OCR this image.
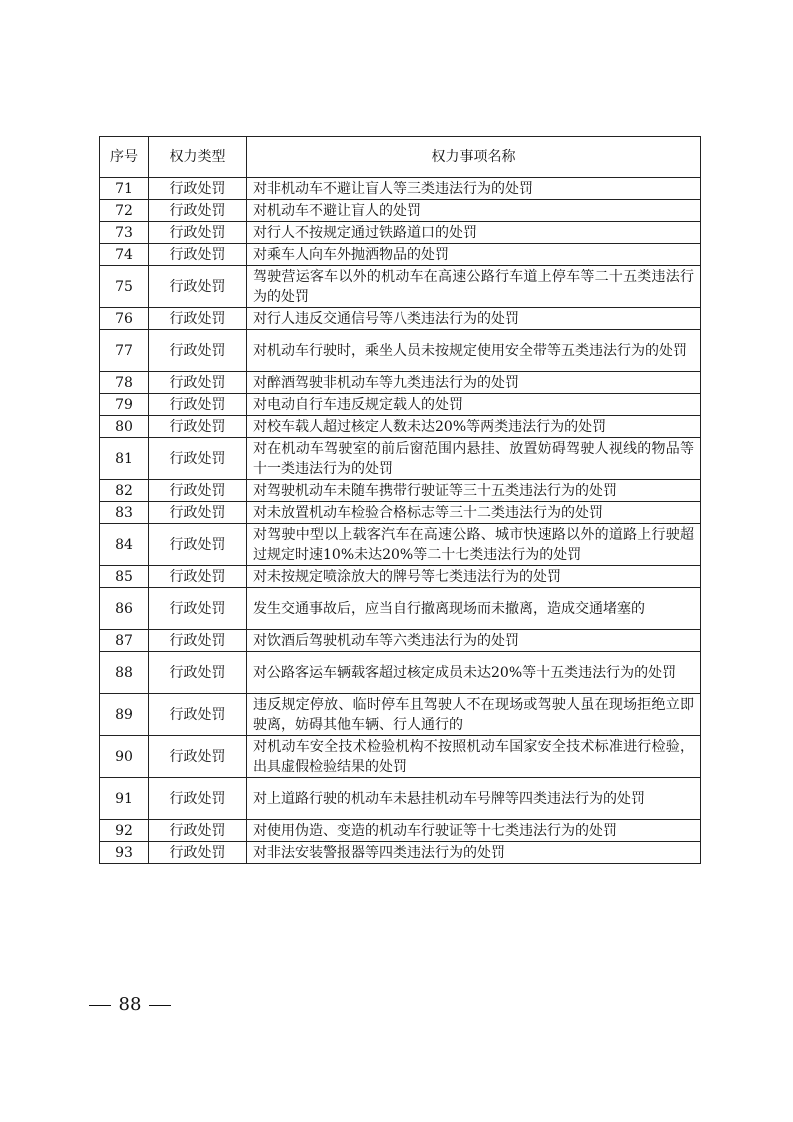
序号	权力类型	权力事项名称
71	行政处罚	对非机动车不避让盲人等三类违法行为的处罚
72	行政处罚	对机动车不避让盲人的处罚
73	行政处罚	对行人不按规定通过铁路道口的处罚
74	行政处罚	对乘车人向车外抛洒物品的处罚
75	行政处罚	驾驶营运客车以外的机动车在高速公路行车道上停车等二十五类违法行为的处罚
76	行政处罚	对行人违反交通信号等八类违法行为的处罚
77	行政处罚	对机动车行驶时，乘坐人员未按规定使用安全带等五类违法行为的处罚
78	行政处罚	对醉酒驾驶非机动车等九类违法行为的处罚
79	行政处罚	对电动自行车违反规定载人的处罚
80	行政处罚	对校车载人超过核定人数未达20%等两类违法行为的处罚
81	行政处罚	对在机动车驾驶室的前后窗范围内悬挂、放置妨碍驾驶人视线的物品等十一类违法行为的处罚
82	行政处罚	对驾驶机动车未随车携带行驶证等三十五类违法行为的处罚
83	行政处罚	对未放置机动车检验合格标志等三十二类违法行为的处罚
84	行政处罚	对驾驶中型以上载客汽车在高速公路、城市快速路以外的道路上行驶超过规定时速10%未达20%等二十七类违法行为的处罚
85	行政处罚	对未按规定喷涂放大的牌号等七类违法行为的处罚
86	行政处罚	发生交通事故后，应当自行撤离现场而未撤离，造成交通堵塞的
87	行政处罚	对饮酒后驾驶机动车等六类违法行为的处罚
88	行政处罚	对公路客运车辆载客超过核定成员未达20%等十五类违法行为的处罚
89	行政处罚	违反规定停放、临时停车且驾驶人不在现场或驾驶人虽在现场拒绝立即驶离，妨碍其他车辆、行人通行的
90	行政处罚	对机动车安全技术检验机构不按照机动车国家安全技术标准进行检验，出具虚假检验结果的处罚
91	行政处罚	对上道路行驶的机动车未悬挂机动车号牌等四类违法行为的处罚
92	行政处罚	对使用伪造、变造的机动车行驶证等十七类违法行为的处罚
93	行政处罚	对非法安装警报器等四类违法行为的处罚
88
